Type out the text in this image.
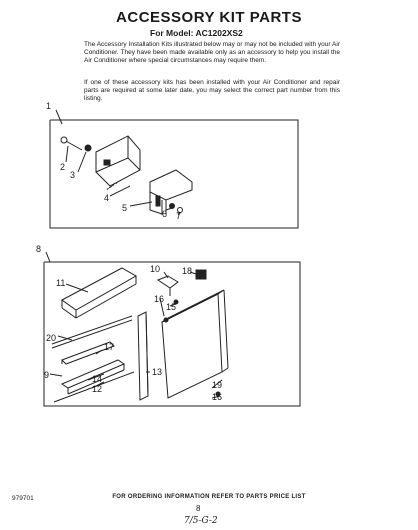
ACCESSORY KIT PARTS
For Model: AC1202XS2
The Accessory Installation Kits illustrated below may or may not be included with your Air Conditioner. They have been made available only as an accessory to help you install the Air Conditioner where special circumstances may require them.
If one of these accessory kits has been installed with your Air Conditioner and repair parts are required at some later date, you may select the correct part number from this listing.
1
2
3
4
5
6 7
8
10 18
11
16
15
20
17
13
9	14
12	19
16
FOR ORDERING INFORMATION REFER TO PARTS PRICE LIST
979701
8
7/5-G-2
